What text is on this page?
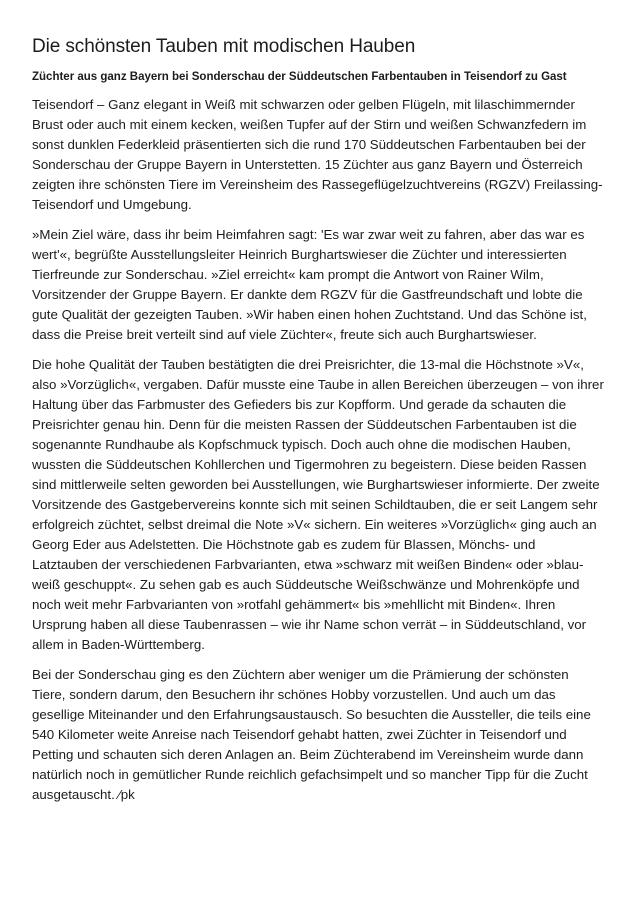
Die schönsten Tauben mit modischen Hauben

Züchter aus ganz Bayern bei Sonderschau der Süddeutschen Farbentauben in Teisendorf zu Gast

Teisendorf – Ganz elegant in Weiß mit schwarzen oder gelben Flügeln, mit lilaschimmernder Brust oder auch mit einem kecken, weißen Tupfer auf der Stirn und weißen Schwanzfedern im sonst dunklen Federkleid präsentierten sich die rund 170 Süddeutschen Farbentauben bei der Sonderschau der Gruppe Bayern in Unterstetten. 15 Züchter aus ganz Bayern und Österreich zeigten ihre schönsten Tiere im Vereinsheim des Rassegeflügelzuchtvereins (RGZV) Freilassing-Teisendorf und Umgebung.

»Mein Ziel wäre, dass ihr beim Heimfahren sagt: 'Es war zwar weit zu fahren, aber das war es wert'«, begrüßte Ausstellungsleiter Heinrich Burghartswieser die Züchter und interessierten Tierfreunde zur Sonderschau. »Ziel erreicht« kam prompt die Antwort von Rainer Wilm, Vorsitzender der Gruppe Bayern. Er dankte dem RGZV für die Gastfreundschaft und lobte die gute Qualität der gezeigten Tauben. »Wir haben einen hohen Zuchtstand. Und das Schöne ist, dass die Preise breit verteilt sind auf viele Züchter«, freute sich auch Burghartswieser.

Die hohe Qualität der Tauben bestätigten die drei Preisrichter, die 13-mal die Höchstnote »V«, also »Vorzüglich«, vergaben. Dafür musste eine Taube in allen Bereichen überzeugen – von ihrer Haltung über das Farbmuster des Gefieders bis zur Kopfform. Und gerade da schauten die Preisrichter genau hin. Denn für die meisten Rassen der Süddeutschen Farbentauben ist die sogenannte Rundhaube als Kopfschmuck typisch. Doch auch ohne die modischen Hauben, wussten die Süddeutschen Kohllerchen und Tigermohren zu begeistern. Diese beiden Rassen sind mittlerweile selten geworden bei Ausstellungen, wie Burghartswieser informierte. Der zweite Vorsitzende des Gastgebervereins konnte sich mit seinen Schildtauben, die er seit Langem sehr erfolgreich züchtet, selbst dreimal die Note »V« sichern. Ein weiteres »Vorzüglich« ging auch an Georg Eder aus Adelstetten. Die Höchstnote gab es zudem für Blassen, Mönchs- und Latztauben der verschiedenen Farbvarianten, etwa »schwarz mit weißen Binden« oder »blau-weiß geschuppt«. Zu sehen gab es auch Süddeutsche Weißschwänze und Mohrenköpfe und noch weit mehr Farbvarianten von »rotfahl gehämmert« bis »mehllicht mit Binden«. Ihren Ursprung haben all diese Taubenrassen – wie ihr Name schon verrät – in Süddeutschland, vor allem in Baden-Württemberg.

Bei der Sonderschau ging es den Züchtern aber weniger um die Prämierung der schönsten Tiere, sondern darum, den Besuchern ihr schönes Hobby vorzustellen. Und auch um das gesellige Miteinander und den Erfahrungsaustausch. So besuchten die Aussteller, die teils eine 540 Kilometer weite Anreise nach Teisendorf gehabt hatten, zwei Züchter in Teisendorf und Petting und schauten sich deren Anlagen an. Beim Züchterabend im Vereinsheim wurde dann natürlich noch in gemütlicher Runde reichlich gefachsimpelt und so mancher Tipp für die Zucht ausgetauscht. ⁄pk
